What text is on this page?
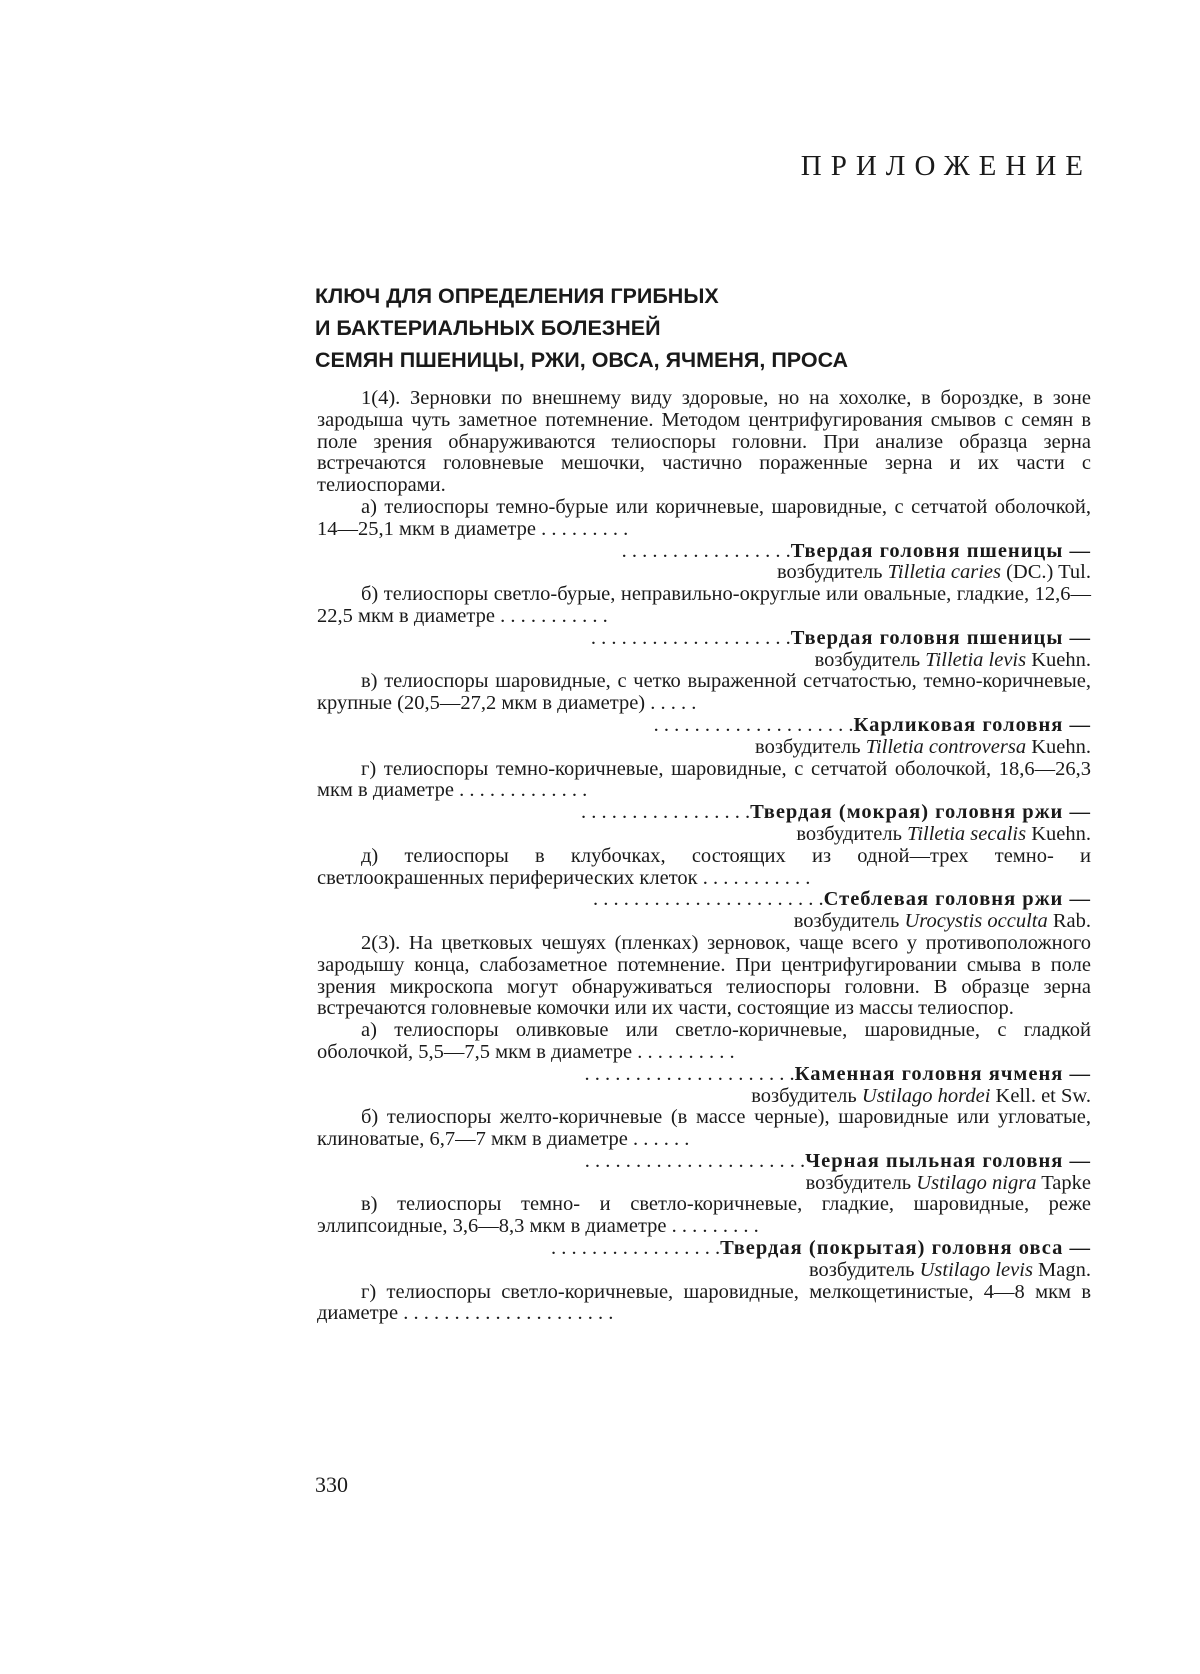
ПРИЛОЖЕНИЕ
КЛЮЧ ДЛЯ ОПРЕДЕЛЕНИЯ ГРИБНЫХ
И БАКТЕРИАЛЬНЫХ БОЛЕЗНЕЙ
СЕМЯН ПШЕНИЦЫ, РЖИ, ОВСА, ЯЧМЕНЯ, ПРОСА
1(4). Зерновки по внешнему виду здоровые, но на хохолке, в бороздке, в зоне зародыша чуть заметное потемнение. Методом центрифугирования смывов с семян в поле зрения обнаруживаются телиоспоры головни. При анализе образца зерна встречаются головневые мешочки, частично пораженные зерна и их части с телиоспорами.
а) телиоспоры темно-бурые или коричневые, шаровидные, с сетчатой оболочкой, 14—25,1 мкм в диаметре . . . . . . . . .
. . . . . . . . . . . . . . . . .Твердая головня пшеницы —
возбудитель Tilletia caries (DC.) Tul.
б) телиоспоры светло-бурые, неправильно-округлые или овальные, гладкие, 12,6—22,5 мкм в диаметре . . . . . . . . . . .
. . . . . . . . . . . . . . . . . . . .Твердая головня пшеницы —
возбудитель Tilletia levis Kuehn.
в) телиоспоры шаровидные, с четко выраженной сетчатостью, темно-коричневые, крупные (20,5—27,2 мкм в диаметре) . . . . .
. . . . . . . . . . . . . . . . . . . .Карликовая головня —
возбудитель Tilletia controversa Kuehn.
г) телиоспоры темно-коричневые, шаровидные, с сетчатой оболочкой, 18,6—26,3 мкм в диаметре . . . . . . . . . . . . .
. . . . . . . . . . . . . . . . .Твердая (мокрая) головня ржи —
возбудитель Tilletia secalis Kuehn.
д) телиоспоры в клубочках, состоящих из одной—трех темно- и светлоокрашенных периферических клеток . . . . . . . . . . .
. . . . . . . . . . . . . . . . . . . . . . .Стеблевая головня ржи —
возбудитель Urocystis occulta Rab.
2(3). На цветковых чешуях (пленках) зерновок, чаще всего у противоположного зародышу конца, слабозаметное потемнение. При центрифугировании смыва в поле зрения микроскопа могут обнаруживаться телиоспоры головни. В образце зерна встречаются головневые комочки или их части, состоящие из массы телиоспор.
а) телиоспоры оливковые или светло-коричневые, шаровидные, с гладкой оболочкой, 5,5—7,5 мкм в диаметре . . . . . . . . . .
. . . . . . . . . . . . . . . . . . . . .Каменная головня ячменя —
возбудитель Ustilago hordei Kell. et Sw.
б) телиоспоры желто-коричневые (в массе черные), шаровидные или угловатые, клиноватые, 6,7—7 мкм в диаметре . . . . . .
. . . . . . . . . . . . . . . . . . . . . .Черная пыльная головня —
возбудитель Ustilago nigra Tapke
в) телиоспоры темно- и светло-коричневые, гладкие, шаровидные, реже эллипсоидные, 3,6—8,3 мкм в диаметре . . . . . . . . .
. . . . . . . . . . . . . . . . .Твердая (покрытая) головня овса —
возбудитель Ustilago levis Magn.
г) телиоспоры светло-коричневые, шаровидные, мелкощетинистые, 4—8 мкм в диаметре . . . . . . . . . . . . . . . . . . . . .
330
